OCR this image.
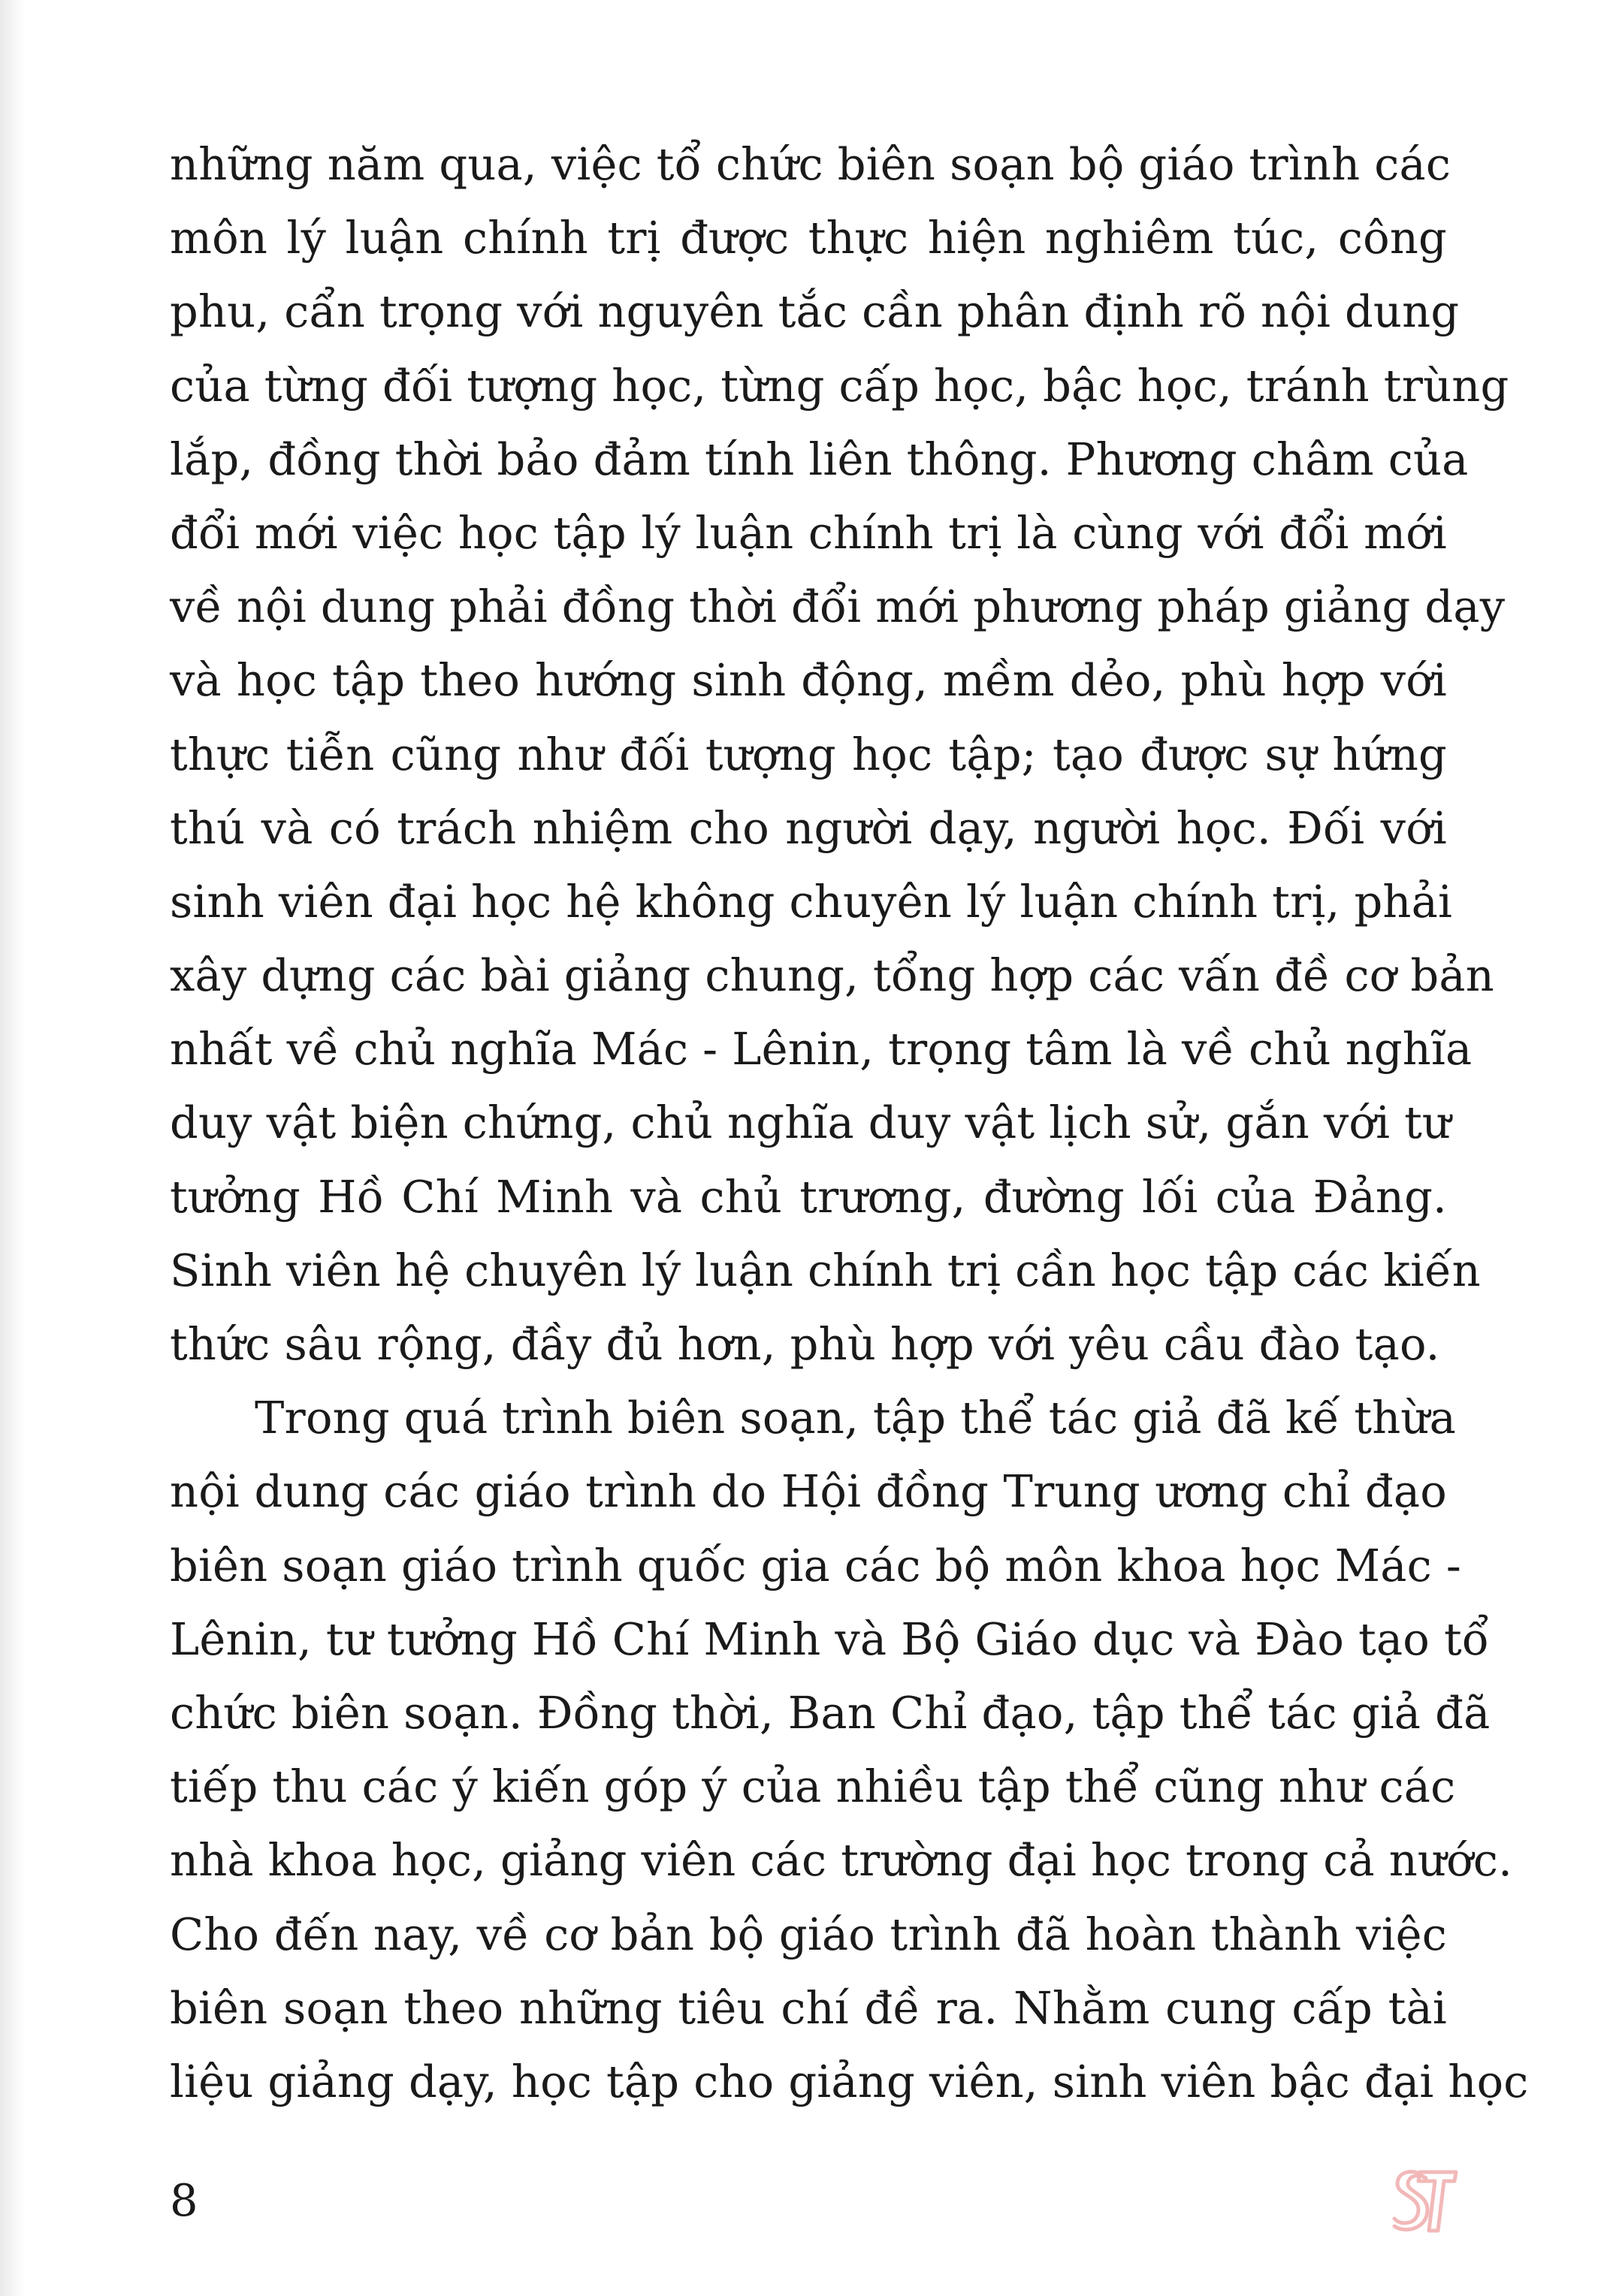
những năm qua, việc tổ chức biên soạn bộ giáo trình các
môn lý luận chính trị được thực hiện nghiêm túc, công
phu, cẩn trọng với nguyên tắc cần phân định rõ nội dung
của từng đối tượng học, từng cấp học, bậc học, tránh trùng
lắp, đồng thời bảo đảm tính liên thông. Phương châm của
đổi mới việc học tập lý luận chính trị là cùng với đổi mới
về nội dung phải đồng thời đổi mới phương pháp giảng dạy
và học tập theo hướng sinh động, mềm dẻo, phù hợp với
thực tiễn cũng như đối tượng học tập; tạo được sự hứng
thú và có trách nhiệm cho người dạy, người học. Đối với
sinh viên đại học hệ không chuyên lý luận chính trị, phải
xây dựng các bài giảng chung, tổng hợp các vấn đề cơ bản
nhất về chủ nghĩa Mác - Lênin, trọng tâm là về chủ nghĩa
duy vật biện chứng, chủ nghĩa duy vật lịch sử, gắn với tư
tưởng Hồ Chí Minh và chủ trương, đường lối của Đảng.
Sinh viên hệ chuyên lý luận chính trị cần học tập các kiến
thức sâu rộng, đầy đủ hơn, phù hợp với yêu cầu đào tạo.
Trong quá trình biên soạn, tập thể tác giả đã kế thừa
nội dung các giáo trình do Hội đồng Trung ương chỉ đạo
biên soạn giáo trình quốc gia các bộ môn khoa học Mác -
Lênin, tư tưởng Hồ Chí Minh và Bộ Giáo dục và Đào tạo tổ
chức biên soạn. Đồng thời, Ban Chỉ đạo, tập thể tác giả đã
tiếp thu các ý kiến góp ý của nhiều tập thể cũng như các
nhà khoa học, giảng viên các trường đại học trong cả nước.
Cho đến nay, về cơ bản bộ giáo trình đã hoàn thành việc
biên soạn theo những tiêu chí đề ra. Nhằm cung cấp tài
liệu giảng dạy, học tập cho giảng viên, sinh viên bậc đại học
8
